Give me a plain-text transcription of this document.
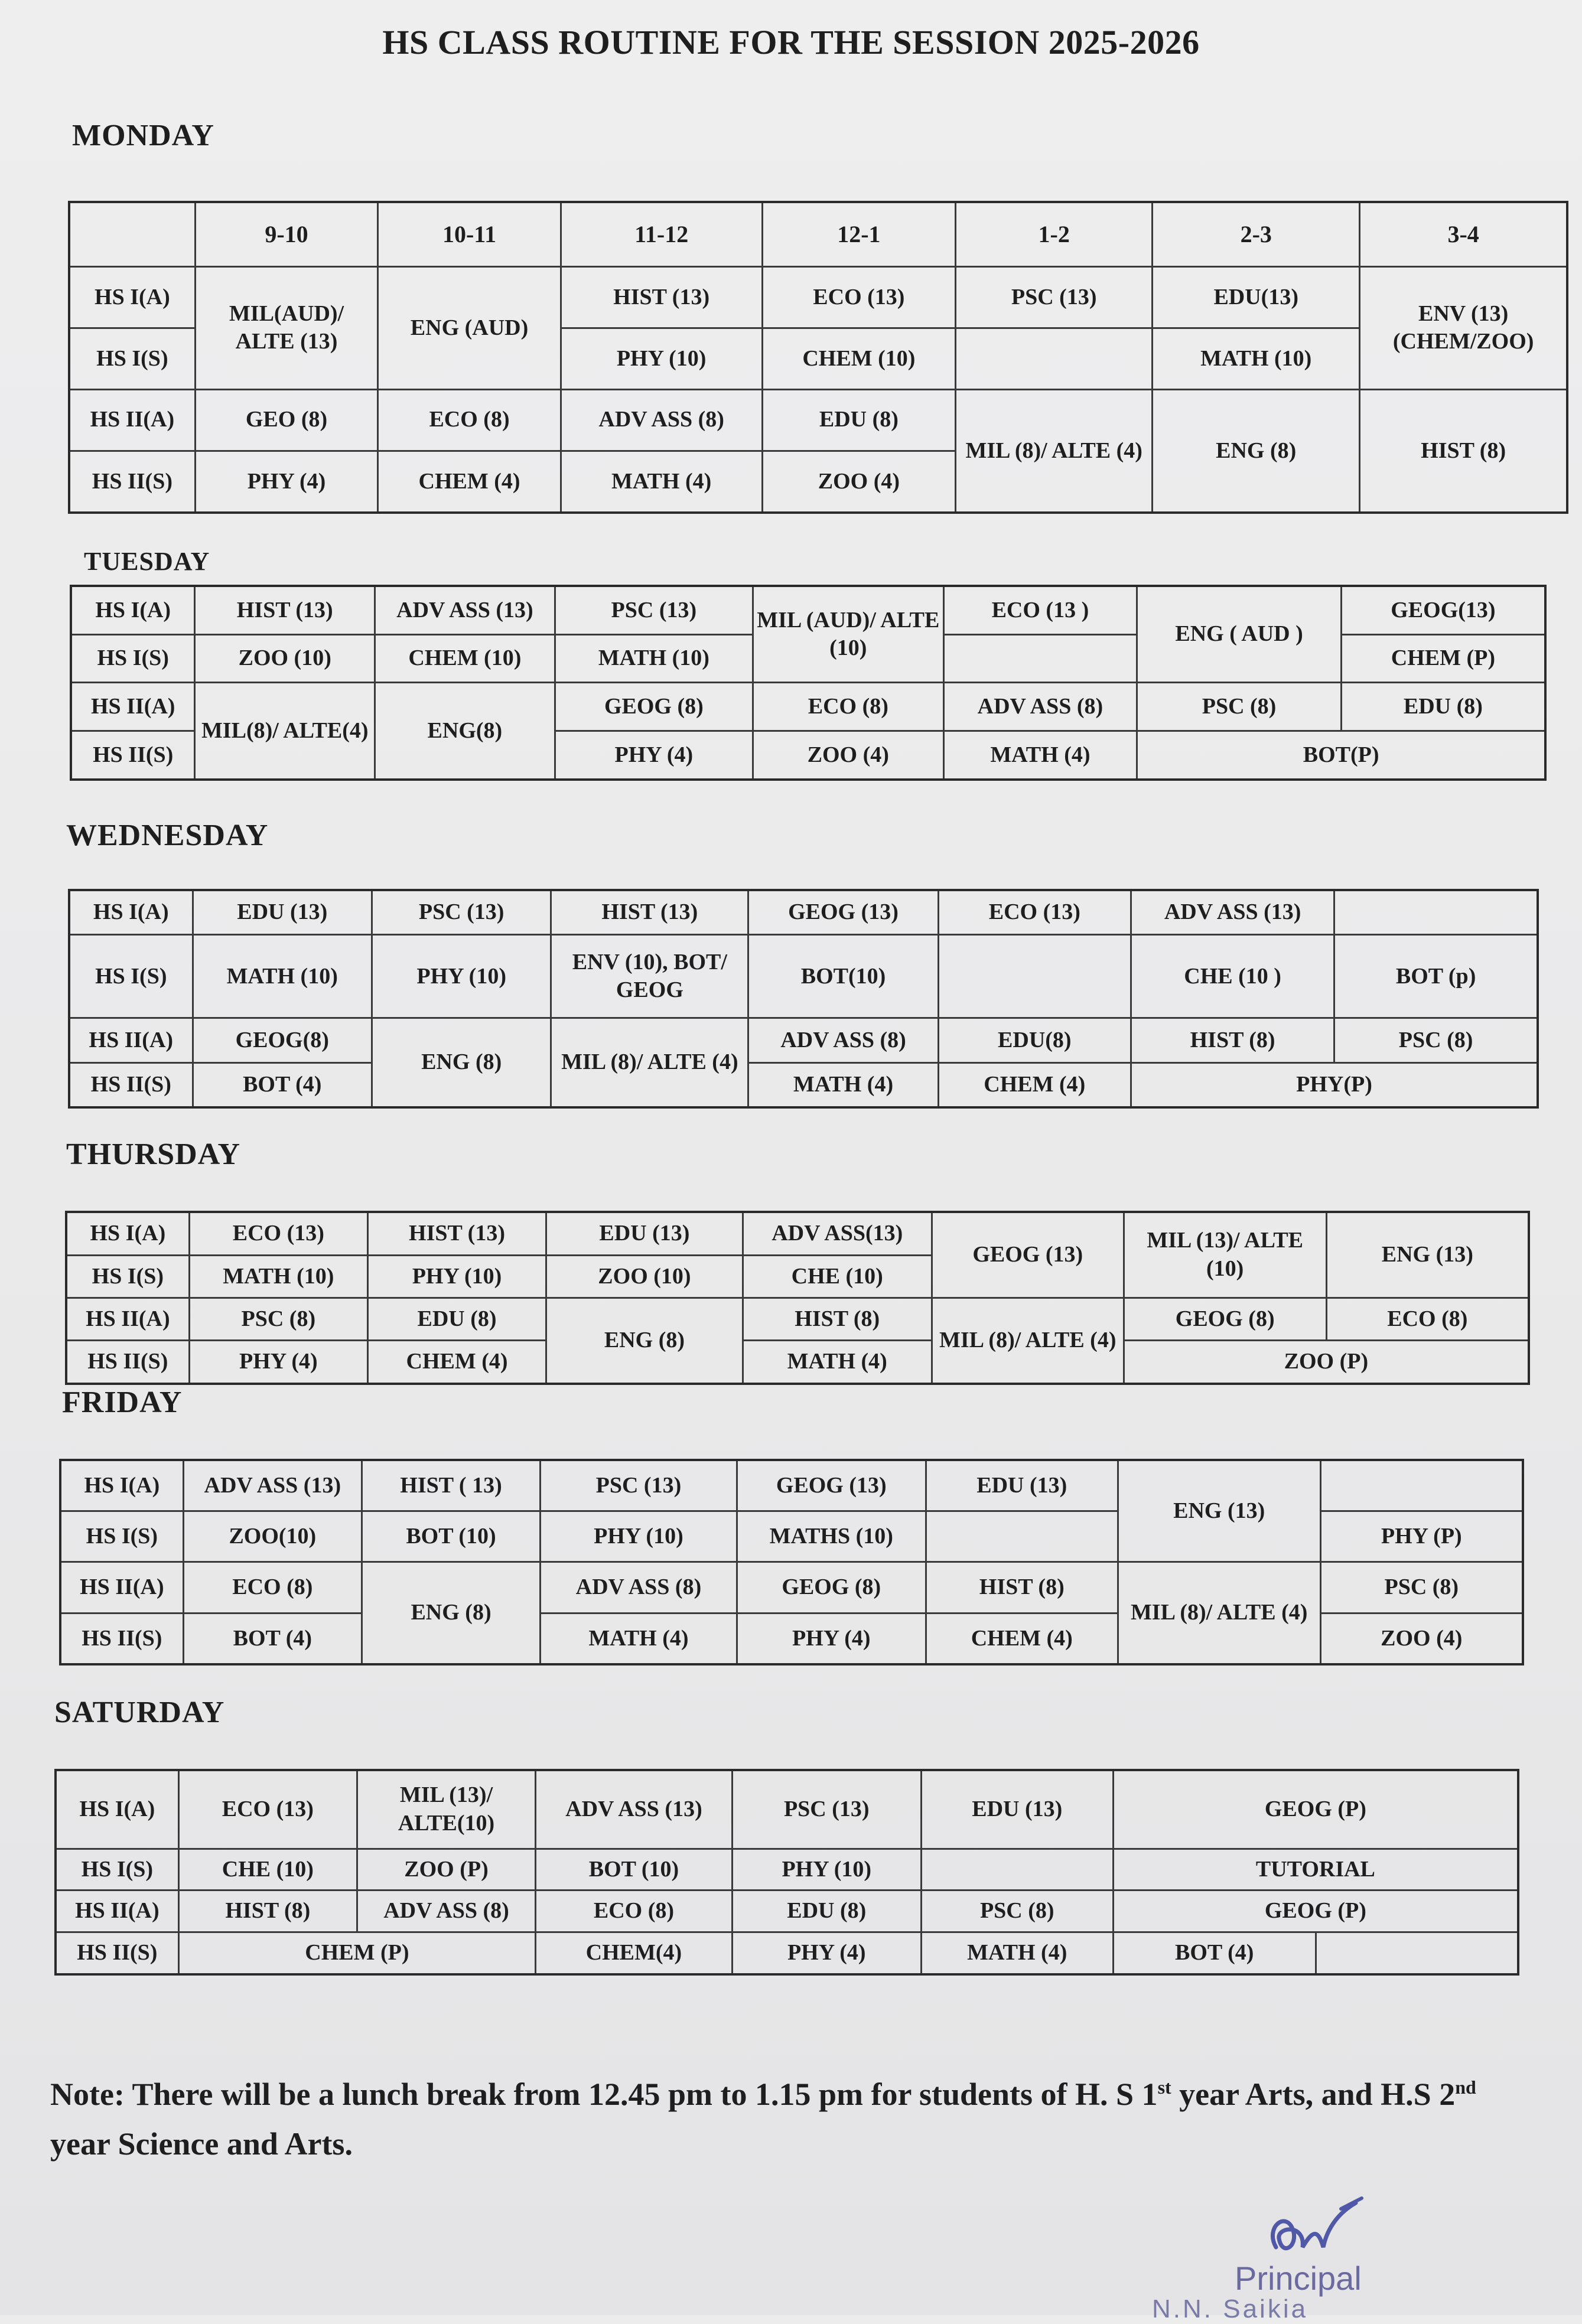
HS CLASS ROUTINE FOR THE SESSION 2025-2026
MONDAY
	9-10	10-11	11-12	12-1	1-2	2-3	3-4
HS I(A)	MIL(AUD)/ ALTE (13)	ENG (AUD)	HIST (13)	ECO (13)	PSC (13)	EDU(13)	ENV (13) (CHEM/ZOO)
HS I(S)			PHY (10)	CHEM (10)		MATH (10)	
HS II(A)	GEO (8)	ECO (8)	ADV ASS (8)	EDU (8)	MIL (8)/ ALTE (4)	ENG (8)	HIST (8)
HS II(S)	PHY (4)	CHEM (4)	MATH (4)	ZOO (4)			
TUESDAY
HS I(A)	HIST (13)	ADV ASS (13)	PSC (13)	MIL (AUD)/ ALTE (10)	ECO (13 )	ENG ( AUD )	GEOG(13)
HS I(S)	ZOO (10)	CHEM (10)	MATH (10)				CHEM (P)
HS II(A)	MIL(8)/ ALTE(4)	ENG(8)	GEOG (8)	ECO (8)	ADV ASS (8)	PSC (8)	EDU (8)
HS II(S)			PHY (4)	ZOO (4)	MATH (4)	BOT(P)	
WEDNESDAY
HS I(A)	EDU (13)	PSC (13)	HIST (13)	GEOG (13)	ECO (13)	ADV ASS (13)	
HS I(S)	MATH (10)	PHY (10)	ENV (10), BOT/ GEOG	BOT(10)		CHE (10 )	BOT (p)
HS II(A)	GEOG(8)	ENG (8)	MIL (8)/ ALTE (4)	ADV ASS (8)	EDU(8)	HIST (8)	PSC (8)
HS II(S)	BOT (4)			MATH (4)	CHEM (4)	PHY(P)	
THURSDAY
HS I(A)	ECO (13)	HIST (13)	EDU (13)	ADV ASS(13)	GEOG (13)	MIL (13)/ ALTE (10)	ENG (13)
HS I(S)	MATH (10)	PHY (10)	ZOO (10)	CHE (10)			
HS II(A)	PSC (8)	EDU (8)	ENG (8)	HIST (8)	MIL (8)/ ALTE (4)	GEOG (8)	ECO (8)
HS II(S)	PHY (4)	CHEM (4)		MATH (4)		ZOO (P)	
FRIDAY
HS I(A)	ADV ASS (13)	HIST ( 13)	PSC (13)	GEOG (13)	EDU (13)	ENG (13)	
HS I(S)	ZOO(10)	BOT (10)	PHY (10)	MATHS (10)			PHY (P)
HS II(A)	ECO (8)	ENG (8)	ADV ASS (8)	GEOG (8)	HIST (8)	MIL (8)/ ALTE (4)	PSC (8)
HS II(S)	BOT (4)		MATH (4)	PHY (4)	CHEM (4)		ZOO (4)
SATURDAY
HS I(A)	ECO (13)	MIL (13)/ ALTE(10)	ADV ASS (13)	PSC (13)	EDU (13)	GEOG (P)	
HS I(S)	CHE (10)	ZOO (P)	BOT (10)	PHY (10)		TUTORIAL	
HS II(A)	HIST (8)	ADV ASS (8)	ECO (8)	EDU (8)	PSC (8)	GEOG (P)	
HS II(S)	CHEM (P)		CHEM(4)	PHY (4)	MATH (4)	BOT (4)	

Note: There will be a lunch break from 12.45 pm to 1.15 pm for students of H. S 1st year Arts, and H.S 2nd year Science and Arts.

Principal

N.N. Saikia
